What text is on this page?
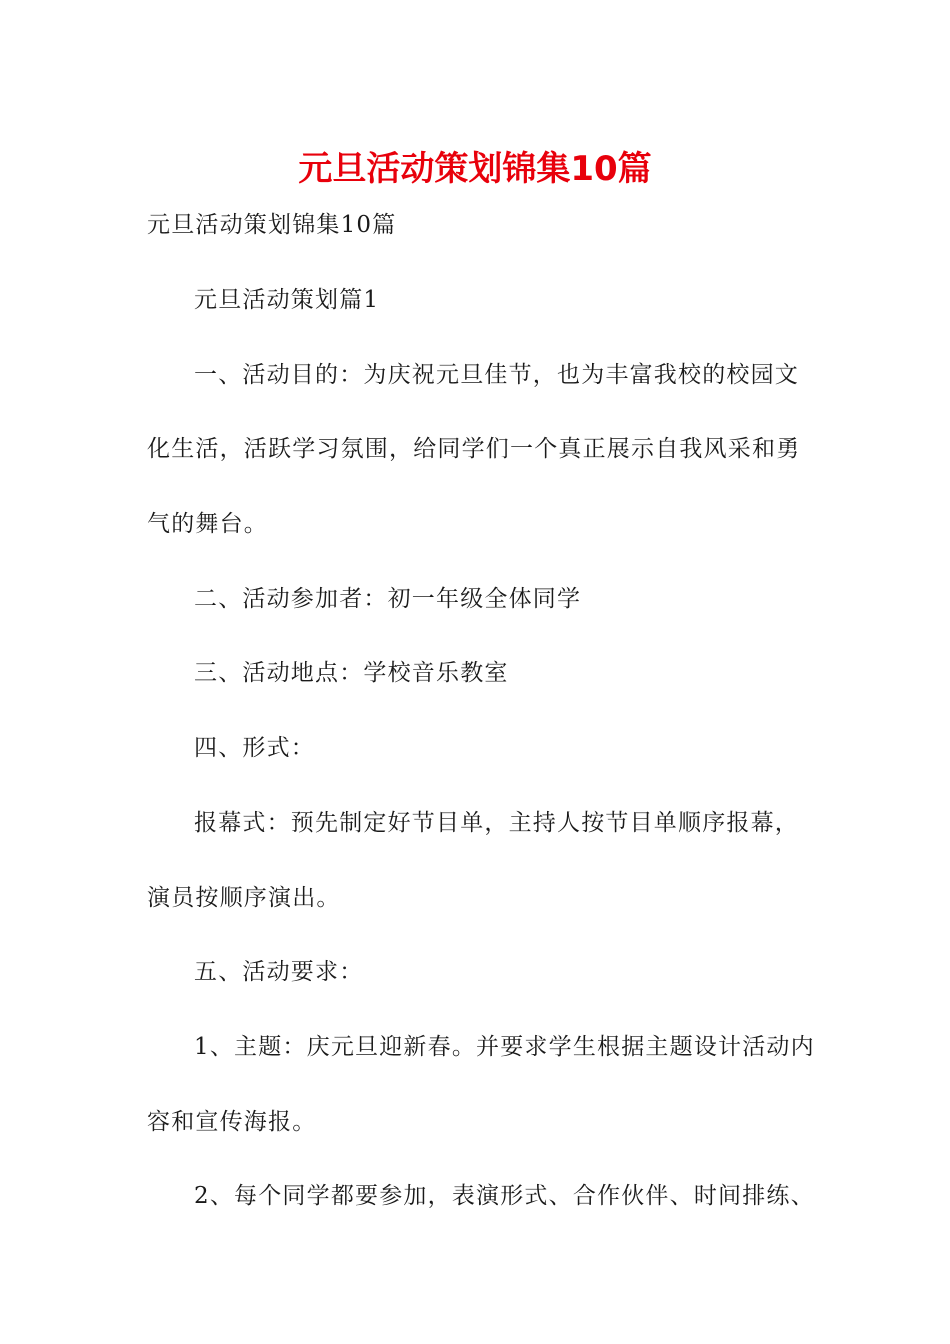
元旦活动策划锦集10篇

元旦活动策划锦集10篇

元旦活动策划篇1

一、活动目的：为庆祝元旦佳节，也为丰富我校的校园文

化生活，活跃学习氛围，给同学们一个真正展示自我风采和勇

气的舞台。

二、活动参加者：初一年级全体同学

三、活动地点：学校音乐教室

四、形式：

报幕式：预先制定好节目单，主持人按节目单顺序报幕，

演员按顺序演出。

五、活动要求：

1、主题：庆元旦迎新春。并要求学生根据主题设计活动内

容和宣传海报。

2、每个同学都要参加，表演形式、合作伙伴、时间排练、
